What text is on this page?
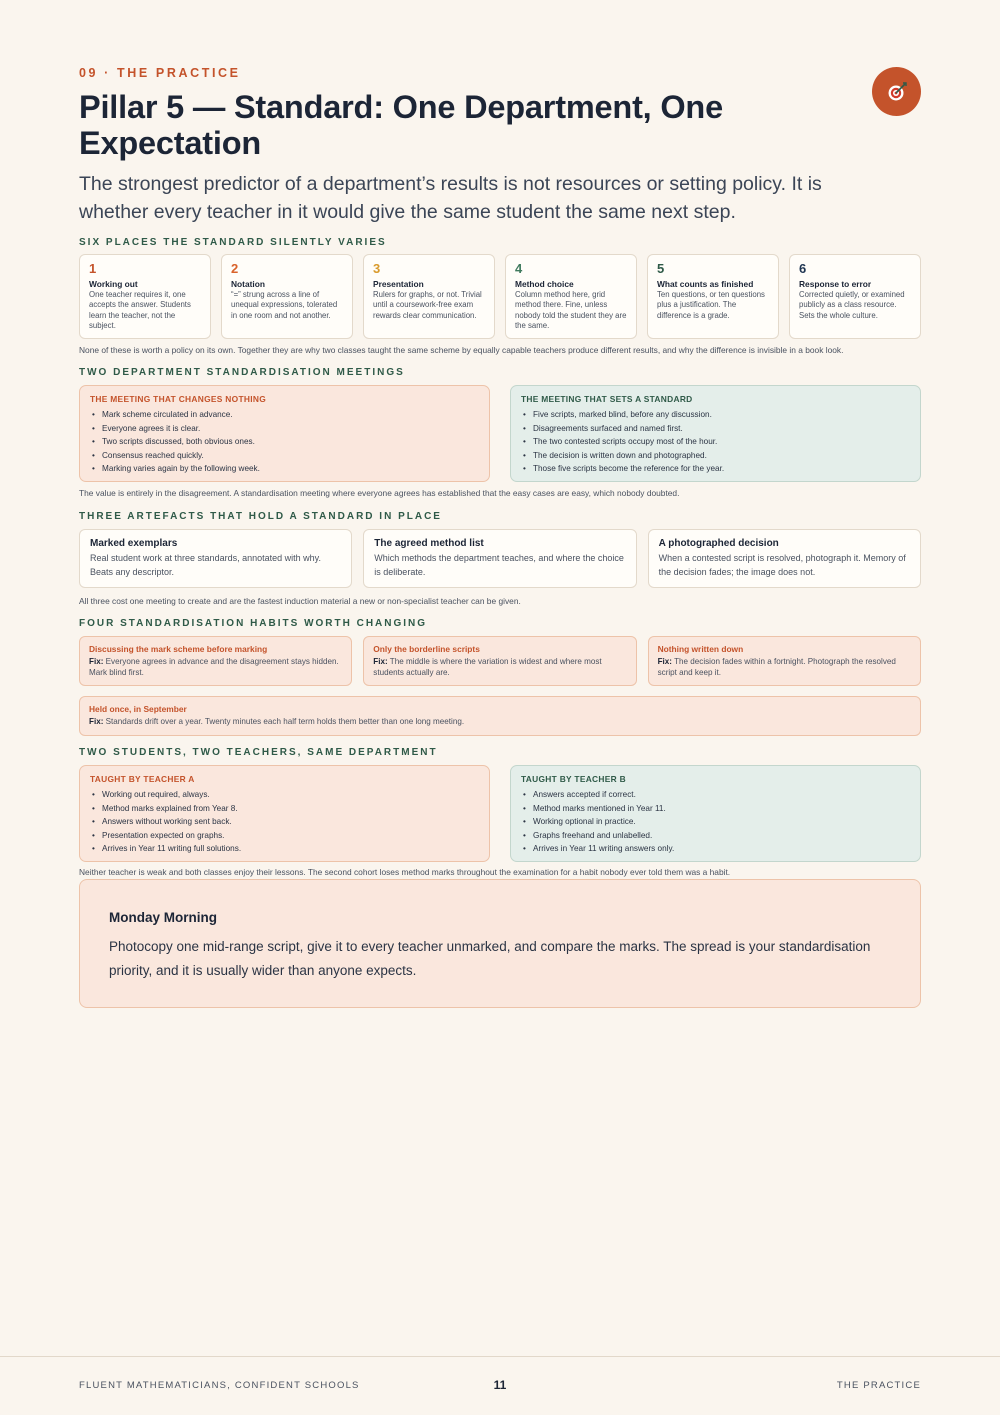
09 · THE PRACTICE
Pillar 5 — Standard: One Department, One Expectation

The strongest predictor of a department’s results is not resources or setting policy. It is whether every teacher in it would give the same student the same next step.

SIX PLACES THE STANDARD SILENTLY VARIES
1
Working out
One teacher requires it, one accepts the answer. Students learn the teacher, not the subject.
2
Notation
“=” strung across a line of unequal expressions, tolerated in one room and not another.
3
Presentation
Rulers for graphs, or not. Trivial until a coursework-free exam rewards clear communication.
4
Method choice
Column method here, grid method there. Fine, unless nobody told the student they are the same.
5
What counts as finished
Ten questions, or ten questions plus a justification. The difference is a grade.
6
Response to error
Corrected quietly, or examined publicly as a class resource. Sets the whole culture.
None of these is worth a policy on its own. Together they are why two classes taught the same scheme by equally capable teachers produce different results, and why the difference is invisible in a book look.
TWO DEPARTMENT STANDARDISATION MEETINGS
THE MEETING THAT CHANGES NOTHING
• Mark scheme circulated in advance.
• Everyone agrees it is clear.
• Two scripts discussed, both obvious ones.
• Consensus reached quickly.
• Marking varies again by the following week.
THE MEETING THAT SETS A STANDARD
• Five scripts, marked blind, before any discussion.
• Disagreements surfaced and named first.
• The two contested scripts occupy most of the hour.
• The decision is written down and photographed.
• Those five scripts become the reference for the year.
The value is entirely in the disagreement. A standardisation meeting where everyone agrees has established that the easy cases are easy, which nobody doubted.
THREE ARTEFACTS THAT HOLD A STANDARD IN PLACE
Marked exemplars
Real student work at three standards, annotated with why. Beats any descriptor.
The agreed method list
Which methods the department teaches, and where the choice is deliberate.
A photographed decision
When a contested script is resolved, photograph it. Memory of the decision fades; the image does not.
All three cost one meeting to create and are the fastest induction material a new or non-specialist teacher can be given.
FOUR STANDARDISATION HABITS WORTH CHANGING
Discussing the mark scheme before marking
Fix: Everyone agrees in advance and the disagreement stays hidden. Mark blind first.
Only the borderline scripts
Fix: The middle is where the variation is widest and where most students actually are.
Nothing written down
Fix: The decision fades within a fortnight. Photograph the resolved script and keep it.
Held once, in September
Fix: Standards drift over a year. Twenty minutes each half term holds them better than one long meeting.
TWO STUDENTS, TWO TEACHERS, SAME DEPARTMENT
TAUGHT BY TEACHER A
• Working out required, always.
• Method marks explained from Year 8.
• Answers without working sent back.
• Presentation expected on graphs.
• Arrives in Year 11 writing full solutions.
TAUGHT BY TEACHER B
• Answers accepted if correct.
• Method marks mentioned in Year 11.
• Working optional in practice.
• Graphs freehand and unlabelled.
• Arrives in Year 11 writing answers only.
Neither teacher is weak and both classes enjoy their lessons. The second cohort loses method marks throughout the examination for a habit nobody ever told them was a habit.
Monday Morning
Photocopy one mid-range script, give it to every teacher unmarked, and compare the marks. The spread is your standardisation priority, and it is usually wider than anyone expects.
FLUENT MATHEMATICIANS, CONFIDENT SCHOOLS	11	THE PRACTICE
